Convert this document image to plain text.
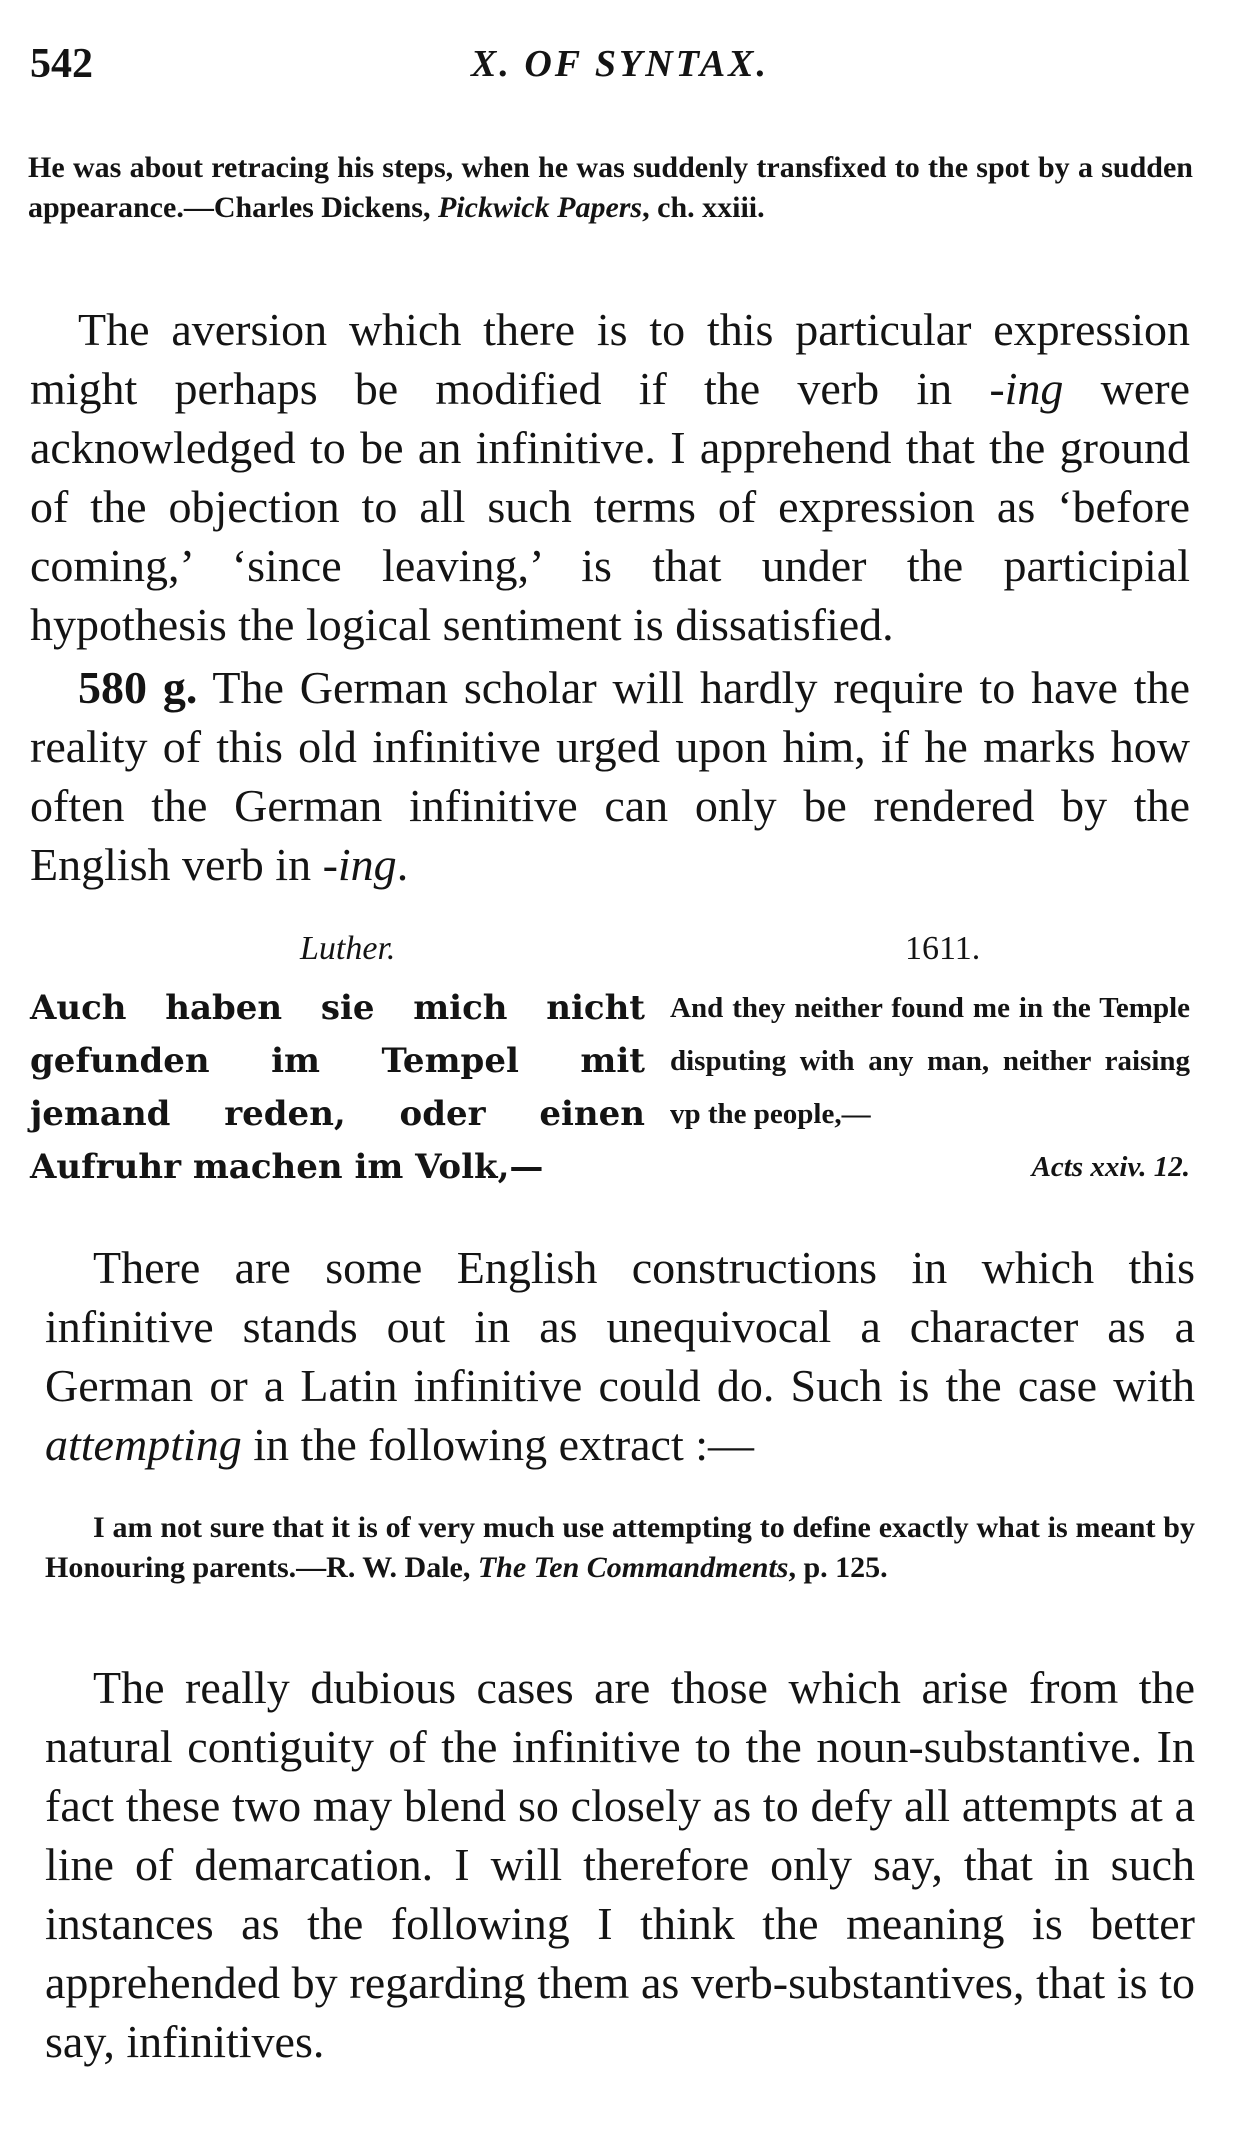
542	X. OF SYNTAX.

He was about retracing his steps, when he was suddenly transfixed to the spot by a sudden appearance.—Charles Dickens, Pickwick Papers, ch. xxiii.

The aversion which there is to this particular expression might perhaps be modified if the verb in -ing were acknowledged to be an infinitive. I apprehend that the ground of the objection to all such terms of expression as ‘before coming,’ ‘since leaving,’ is that under the participial hypothesis the logical sentiment is dissatisfied.

580 g. The German scholar will hardly require to have the reality of this old infinitive urged upon him, if he marks how often the German infinitive can only be rendered by the English verb in -ing.

Luther.	1611.
Auch haben sie mich nicht gefunden im Tempel mit jemand reden, oder einen Aufruhr machen im Volk,—
And they neither found me in the Temple disputing with any man, neither raising vp the people,—
Acts xxiv. 12.

There are some English constructions in which this infinitive stands out in as unequivocal a character as a German or a Latin infinitive could do. Such is the case with attempting in the following extract :—

I am not sure that it is of very much use attempting to define exactly what is meant by Honouring parents.—R. W. Dale, The Ten Commandments, p. 125.

The really dubious cases are those which arise from the natural contiguity of the infinitive to the noun-substantive. In fact these two may blend so closely as to defy all attempts at a line of demarcation. I will therefore only say, that in such instances as the following I think the meaning is better apprehended by regarding them as verb-substantives, that is to say, infinitives.
